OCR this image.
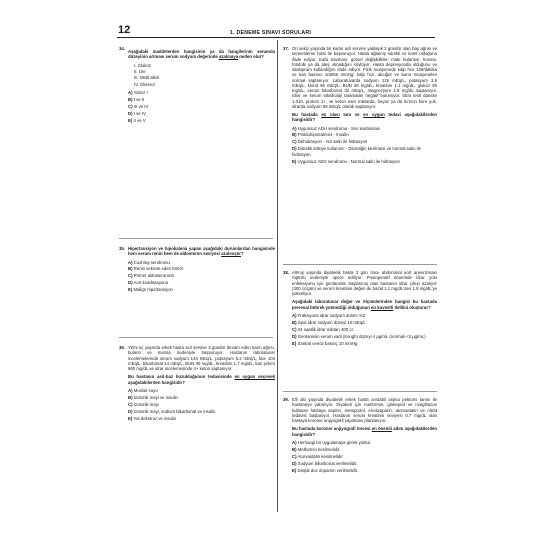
12	1. DENEME SINAVI SORULARI
34.
Aşağıdaki maddelerden hangisinin ya da hangilerinin serumda düzeyinin artması serum sodyum değerinde azalmaya neden olur?
I. Glukoz
II. Üre
III. Metil alkol
IV. Gliserol
A) Yalnız I
B) I ve II
C) III ve IV
D) I ve IV
E) II ve V
35. Hipertansiyon ve hipokalemi yapan aşağıdaki durumlardan hangisinde hem serum renin hem de aldosteron seviyesi azalmıştır?
A) Cushing sendromu
B) Renin sekrete eden tümör
C) Primer aldosteronizm
D) Aort koarktasyonu
E) Malign hipertansiyon
36. Yirmi üç yaşında erkek hasta acil servise 3 gündür devam eden karın ağrısı, bulantı ve kusma nedeniyle başvuruyor. Hastanın laboratuvar incelemelerinde serum sodyum 144 mEq/L, potasyum 5.2 mEq/L, klor 104 mEq/L, bikarbonat 14 mEq/L, BUN 40 mg/dL, kreatinin 1.7 mg/dL, kan şekeri 660 mg/dL ve idrar incelemesinde 4+ keton saptanıyor.
Bu hastanın asit-baz bozukluğunun tedavisinde en uygun seçenek aşağıdakilerden hangisidir?
A) Musluk suyu
B) İzotonik mayi ve insulin
C) İzotonik mayi
D) İzotonik mayi, sodium bikarbonat ve insulin
E) %5 dekstroz ve insulin
37. On sekiz yaşında bir kadın acil servise yaklaşık 3 gündür olan baş ağrısı ve sersemlemе hissi ile başvuruyor. Hasta ağlamış sürekli ve kontl olduğunu ifade ediyor. Kafa travması; görsel değişiklikler; mide bulantısı, kusma, fotofobi ya da ateş olmadığını söylüyor. Hasta depresyonda olduğunu ve sitalopram kullandığını ifade ediyor. Fizik muayenede kalp hızı 108/dakika ve kan basıncı 108/66 mmHg; kalp hızı, akciğer ve karın muayeneleri normal saptanıyor. Laboratuvarda sodyum 126 mEq/L, potasyum 3.6 mEq/L, klorid 96 mEq/L, BUN 28 mg/dL, kreatinin 1.1 mg/dL, glukoz 90 mg/dL, serum bikarbonat 32 mEq/L, magnezyum 1.8 mg/dL saptanıyor. İdrar ve serum toksikoloji taramaları negatif bulunuyor. İdrar testi dansite 1.010, protein 1+, ve keton eser miktarda, beyaz ya da kırmızı küre yok, idrarda sodyum 88 mEq/L olarak saptanıyor.
Bu hastada en olası tanı ve en uygun tedavi aşağıdakilerden hangisidir?
A) Uygunsuz ADH sendromu - Sıvı kısıtlaması
B) Psödohiponatremi - İnsulin
C) Dehidrasyon - %3 salin ile hidrasyon
D) Diüretik kötüye kullanımı - Diüretiğin kesilmesi ve normal salin ile hidrasyon
E) Uygunsuz ADH sendromu - Normal salin ile hidrasyon
38. Altmış yaşında diyabetik hasta 2 gün önce abdominal aort anevrizması rüptürü nedeniyle opere ediliyor. Postoperatif dönemde idrar yolu enfeksiyonu için gentamisin başlanmış olan hastanın idrar çıkışı azalıyor (300 cc/gün) ve serum kreatinin değeri de bazal 1.1 mg/dL'den 1.9 mg/dL'ye yükseliyor.
Aşağıdaki laboratuvar değer ve ölçümlerinden hangisi bu hastada prerenal böbrek yetmezliği olduğunun en kuvvetli delilini oluşturur?
A) Fraksiyone idrar sodyum atılımı %3
B) Spot idrar sodyum düzeyi 10 mEq/L
C) 24 saatlik idrar miktarı 400 cc
D) Gentamisin serum vadi (trough) düzeyi 4 μg/mL (normali <2 μg/mL)
E) Santral venöz basınç 10 mmHg
39. Elli altı yaşında diyabetik erkek hasta unstabil anjina pektoris tanısı ile hastaneye yatırılıyor. Diyabeti için metformin, glimeprid ve rosiglitazon kullanan hastaya aspirin, metoprolol, enoksaparin, atorvastatin ve nitrat tedavisi başlanıyor. Hastanın serum kreatinin seviyesi 0.7 mg/dL olan hastaya koroner anjiyografi yapılması planlanıyor.
Bu hastada koroner anjiyografi öncesi en önemli adım aşağıdakilerden hangisidir?
A) Herhangi bir uygulamaya gerek yoktur.
B) Metformin kesilmelidir.
C) Atorvastatin kesilmelidir.
D) Sodyum bikarbonat verilmelidir.
E) Düşük doz dopamin verilmelidir.
